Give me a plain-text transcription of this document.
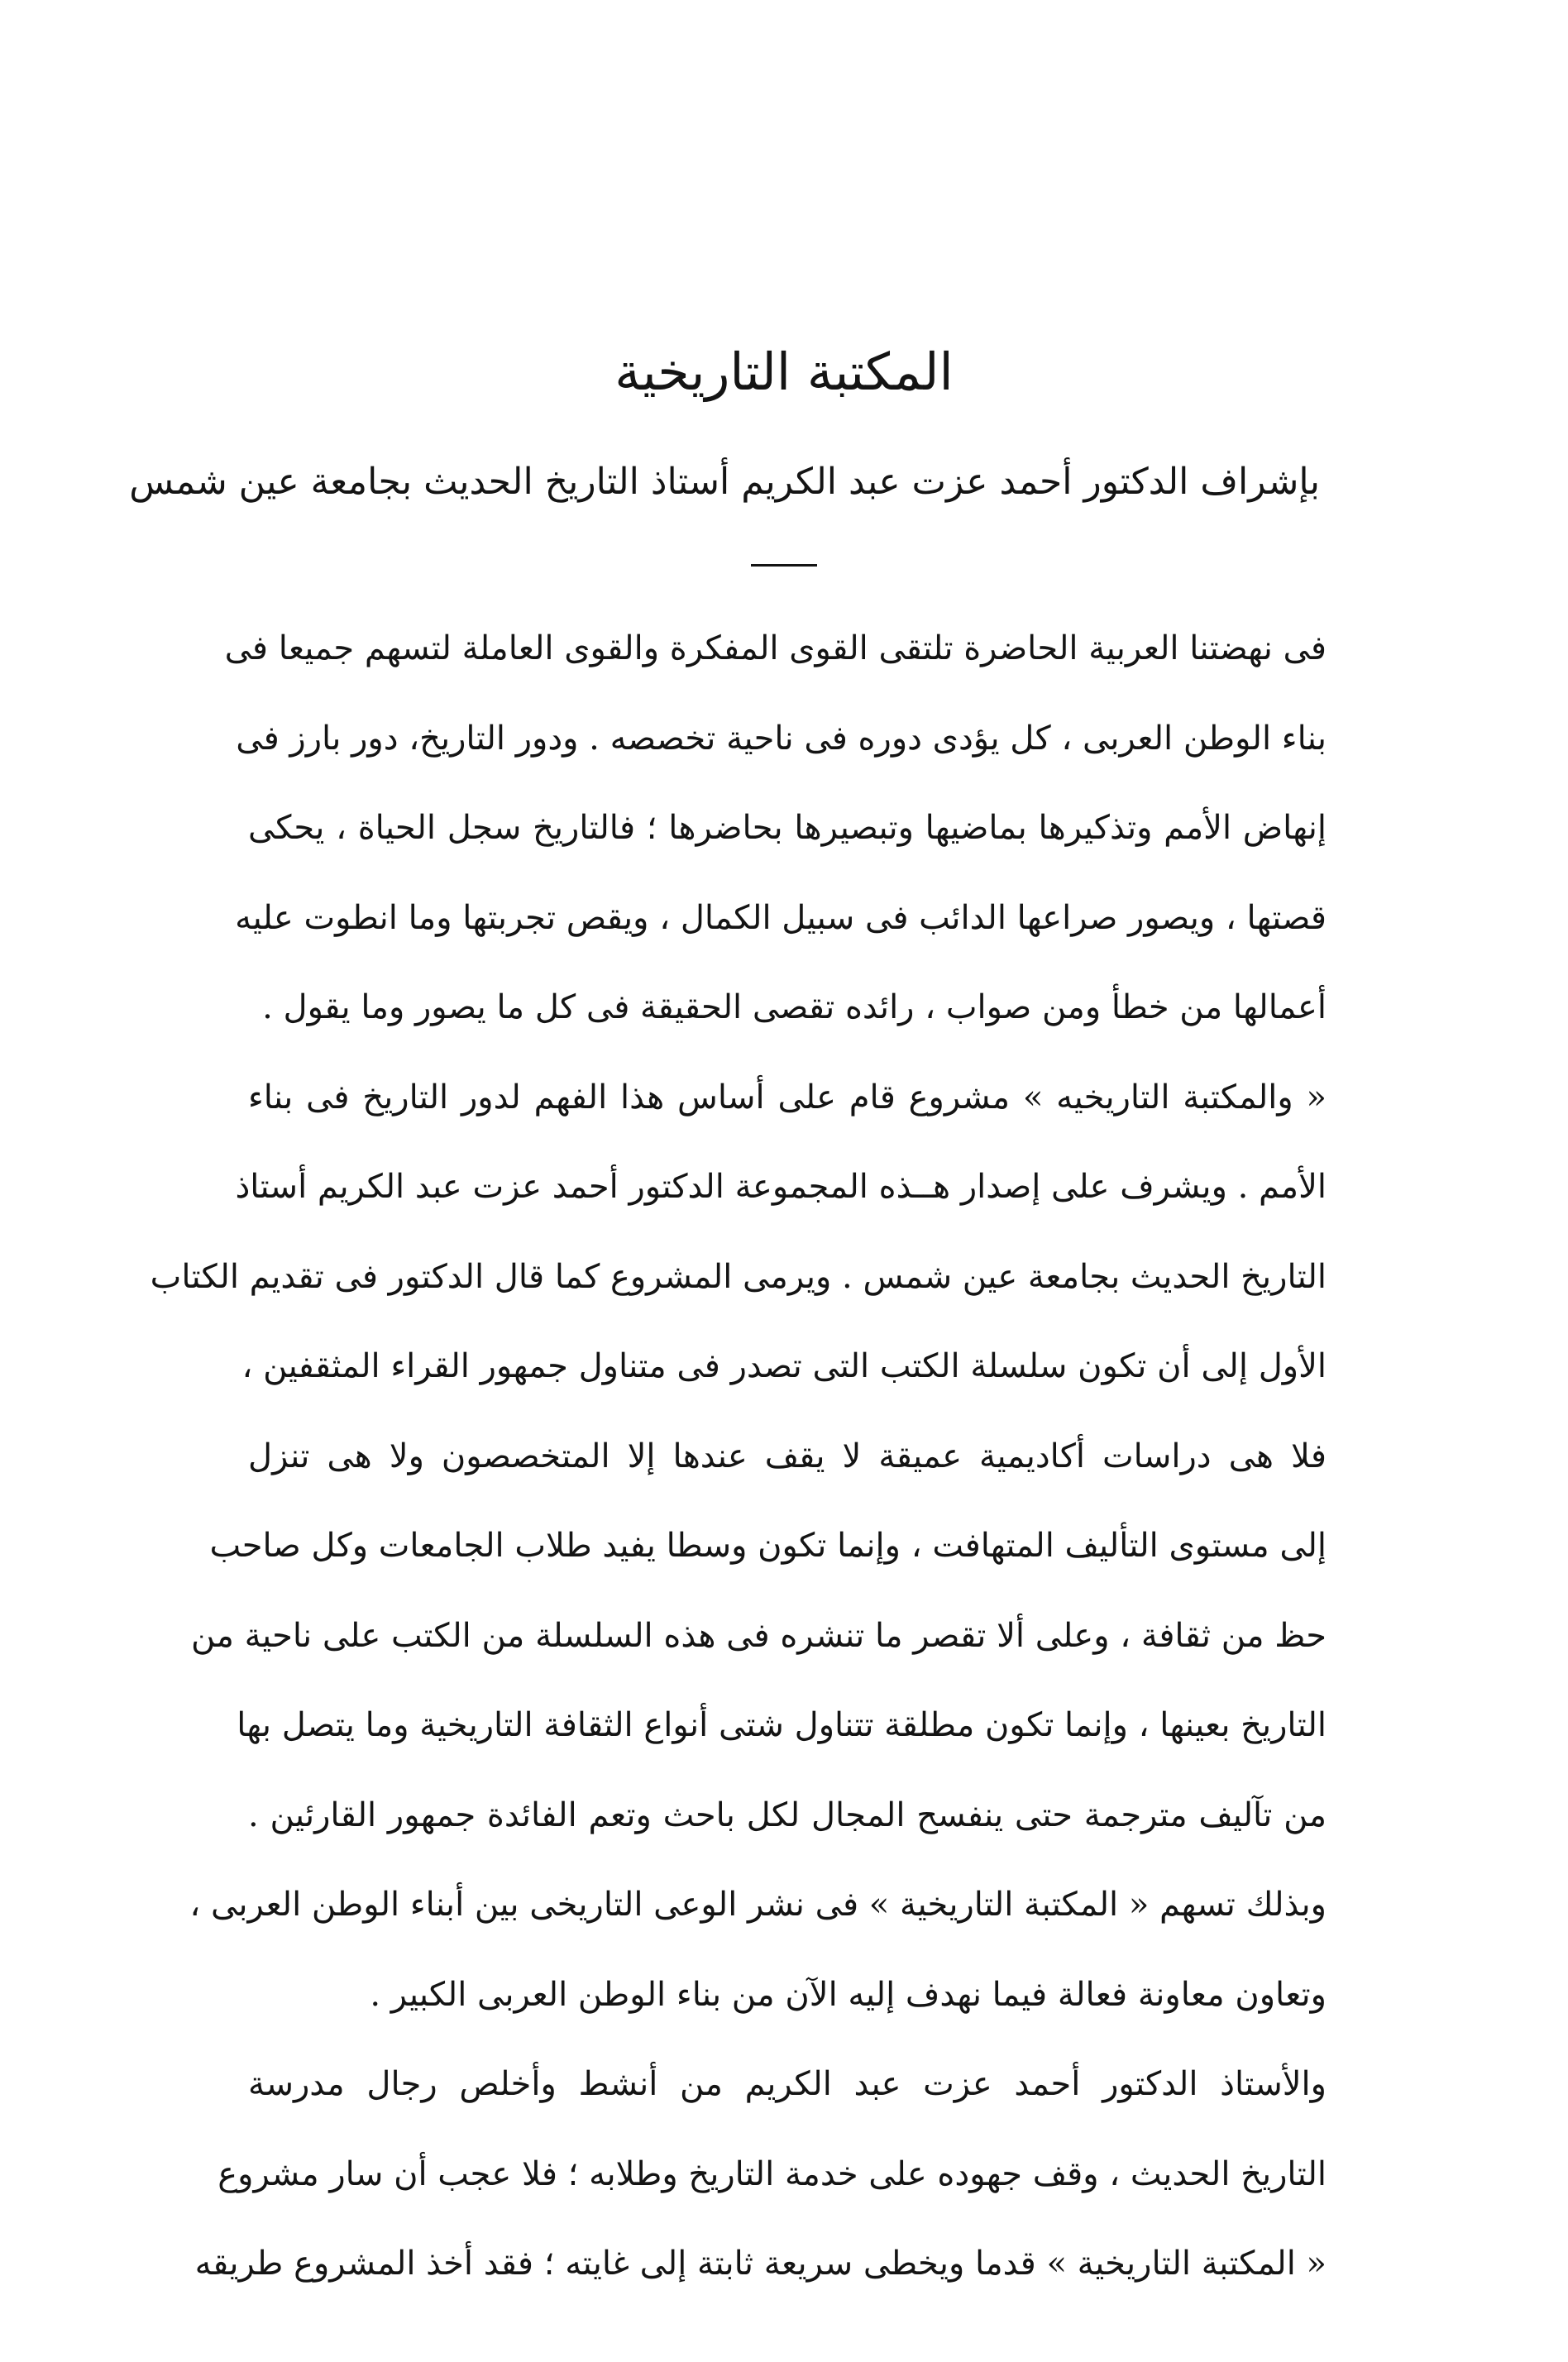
المكتبة التاريخية

بإشراف الدكتور أحمد عزت عبد الكريم أستاذ التاريخ الحديث بجامعة عين شمس

فى نهضتنا العربية الحاضرة تلتقى القوى المفكرة والقوى العاملة لتسهم جميعا فى
بناء الوطن العربى ، كل يؤدى دوره فى ناحية تخصصه . ودور التاريخ، دور بارز فى
إنهاض الأمم وتذكيرها بماضيها وتبصيرها بحاضرها ؛ فالتاريخ سجل الحياة ، يحكى
قصتها ، ويصور صراعها الدائب فى سبيل الكمال ، ويقص تجربتها وما انطوت عليه
أعمالها من خطأ ومن صواب ، رائده تقصى الحقيقة فى كل ما يصور وما يقول .
« والمكتبة التاريخيه » مشروع قام على أساس هذا الفهم لدور التاريخ فى بناء
الأمم . ويشرف على إصدار هــذه المجموعة الدكتور أحمد عزت عبد الكريم أستاذ
التاريخ الحديث بجامعة عين شمس . ويرمى المشروع كما قال الدكتور فى تقديم الكتاب
الأول إلى أن تكون سلسلة الكتب التى تصدر فى متناول جمهور القراء المثقفين ،
فلا هى دراسات أكاديمية عميقة لا يقف عندها إلا المتخصصون ولا هى تنزل
إلى مستوى التأليف المتهافت ، وإنما تكون وسطا يفيد طلاب الجامعات وكل صاحب
حظ من ثقافة ، وعلى ألا تقصر ما تنشره فى هذه السلسلة من الكتب على ناحية من
التاريخ بعينها ، وإنما تكون مطلقة تتناول شتى أنواع الثقافة التاريخية وما يتصل بها
من تآليف مترجمة حتى ينفسح المجال لكل باحث وتعم الفائدة جمهور القارئين .
وبذلك تسهم « المكتبة التاريخية » فى نشر الوعى التاريخى بين أبناء الوطن العربى ،
وتعاون معاونة فعالة فيما نهدف إليه الآن من بناء الوطن العربى الكبير .
والأستاذ الدكتور أحمد عزت عبد الكريم من أنشط وأخلص رجال مدرسة
التاريخ الحديث ، وقف جهوده على خدمة التاريخ وطلابه ؛ فلا عجب أن سار مشروع
« المكتبة التاريخية » قدما ويخطى سريعة ثابتة إلى غايته ؛ فقد أخذ المشروع طريقه
